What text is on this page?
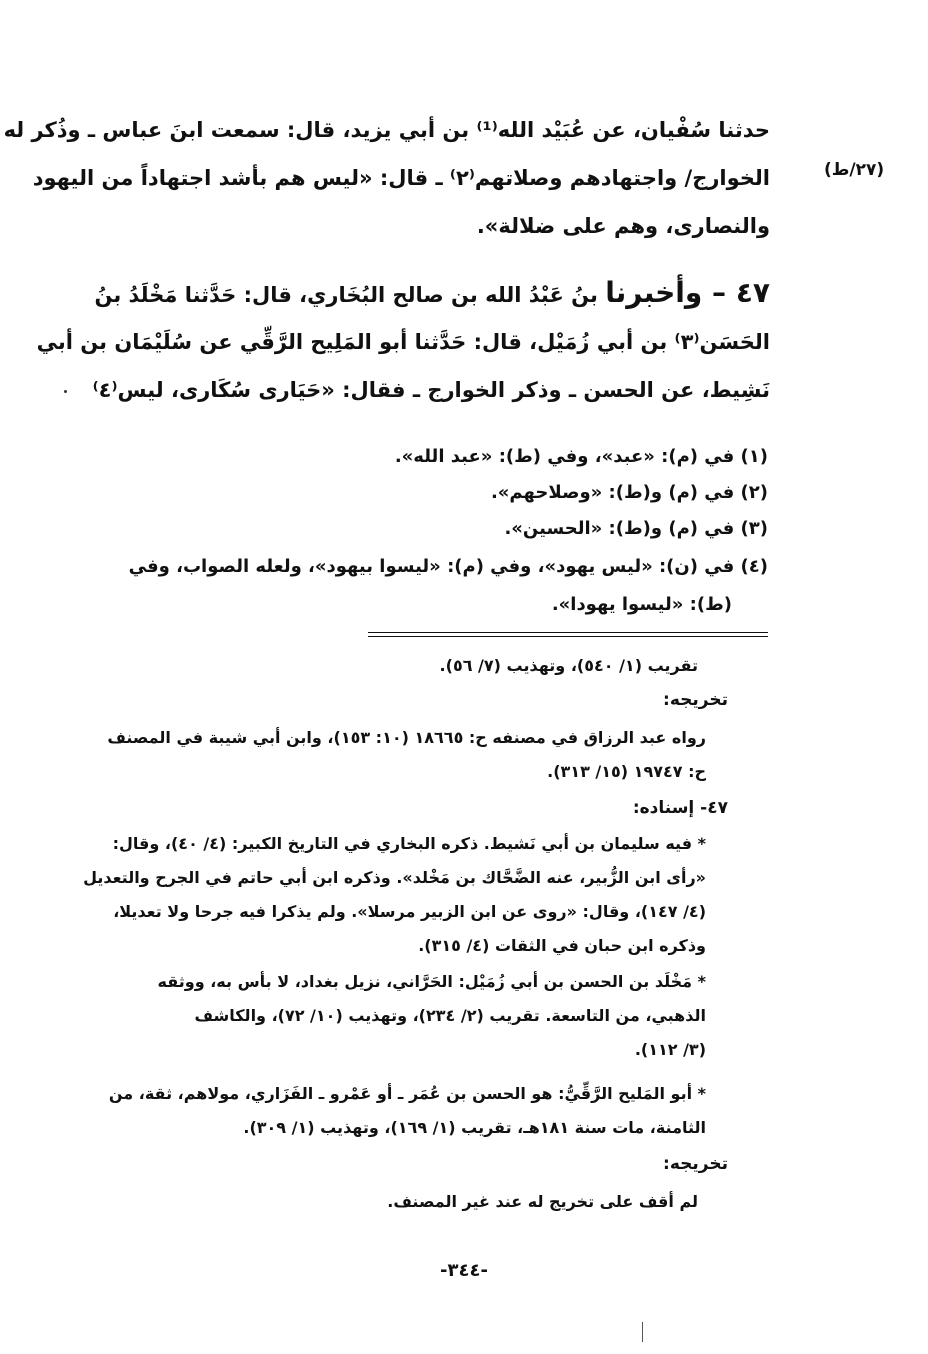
(٢٧/ط)
حدثنا سُفْيان، عن عُبَيْد الله⁽¹⁾ بن أبي يزيد، قال: سمعت ابنَ عباس ـ وذُكر له
الخوارج/ واجتهادهم وصلاتهم⁽٢⁾ ـ قال: «ليس هم بأشد اجتهاداً من اليهود
والنصارى، وهم على ضلالة».
٤٧ – وأخبرنا بنُ عَبْدُ الله بن صالح البُخَاري، قال: حَدَّثنا مَخْلَدُ بنُ
الحَسَن⁽٣⁾ بن أبي زُمَيْل، قال: حَدَّثنا أبو المَلِيح الرَّقِّي عن سُلَيْمَان بن أبي
نَشِيط، عن الحسن ـ وذكر الخوارج ـ فقال: «حَيَارى سُكَارى، ليس⁽٤⁾
(١) في (م): «عبد»، وفي (ط): «عبد الله».
(٢) في (م) و(ط): «وصلاحهم».
(٣) في (م) و(ط): «الحسين».
(٤) في (ن): «ليس يهود»، وفي (م): «ليسوا بيهود»، ولعله الصواب، وفي
(ط): «ليسوا يهودا».
تقريب (١/ ٥٤٠)، وتهذيب (٧/ ٥٦).
تخريجه:
رواه عبد الرزاق في مصنفه ح: ١٨٦٦٥ (١٠: ١٥٣)، وابن أبي شيبة في المصنف
ح: ١٩٧٤٧ (١٥/ ٣١٣).
٤٧- إسناده:
* فيه سليمان بن أبي نَشيط. ذكره البخاري في التاريخ الكبير: (٤/ ٤٠)، وقال:
«رأى ابن الزُّبير، عنه الضَّحَّاك بن مَخْلد». وذكره ابن أبي حاتم في الجرح والتعديل
(٤/ ١٤٧)، وقال: «روى عن ابن الزبير مرسلا». ولم يذكرا فيه جرحا ولا تعديلا،
وذكره ابن حبان في الثقات (٤/ ٣١٥).
* مَخْلَد بن الحسن بن أبي زُمَيْل: الحَرَّاني، نزيل بغداد، لا بأس به، ووثقه
الذهبي، من التاسعة. تقريب (٢/ ٢٣٤)، وتهذيب (١٠/ ٧٢)، والكاشف
(٣/ ١١٢).
* أبو المَليح الرَّقِّيُّ: هو الحسن بن عُمَر ـ أو عَمْرو ـ الفَزَاري، مولاهم، ثقة، من
الثامنة، مات سنة ١٨١هـ، تقريب (١/ ١٦٩)، وتهذيب (١/ ٣٠٩).
تخريجه:
لم أقف على تخريج له عند غير المصنف.
-٣٤٤-
